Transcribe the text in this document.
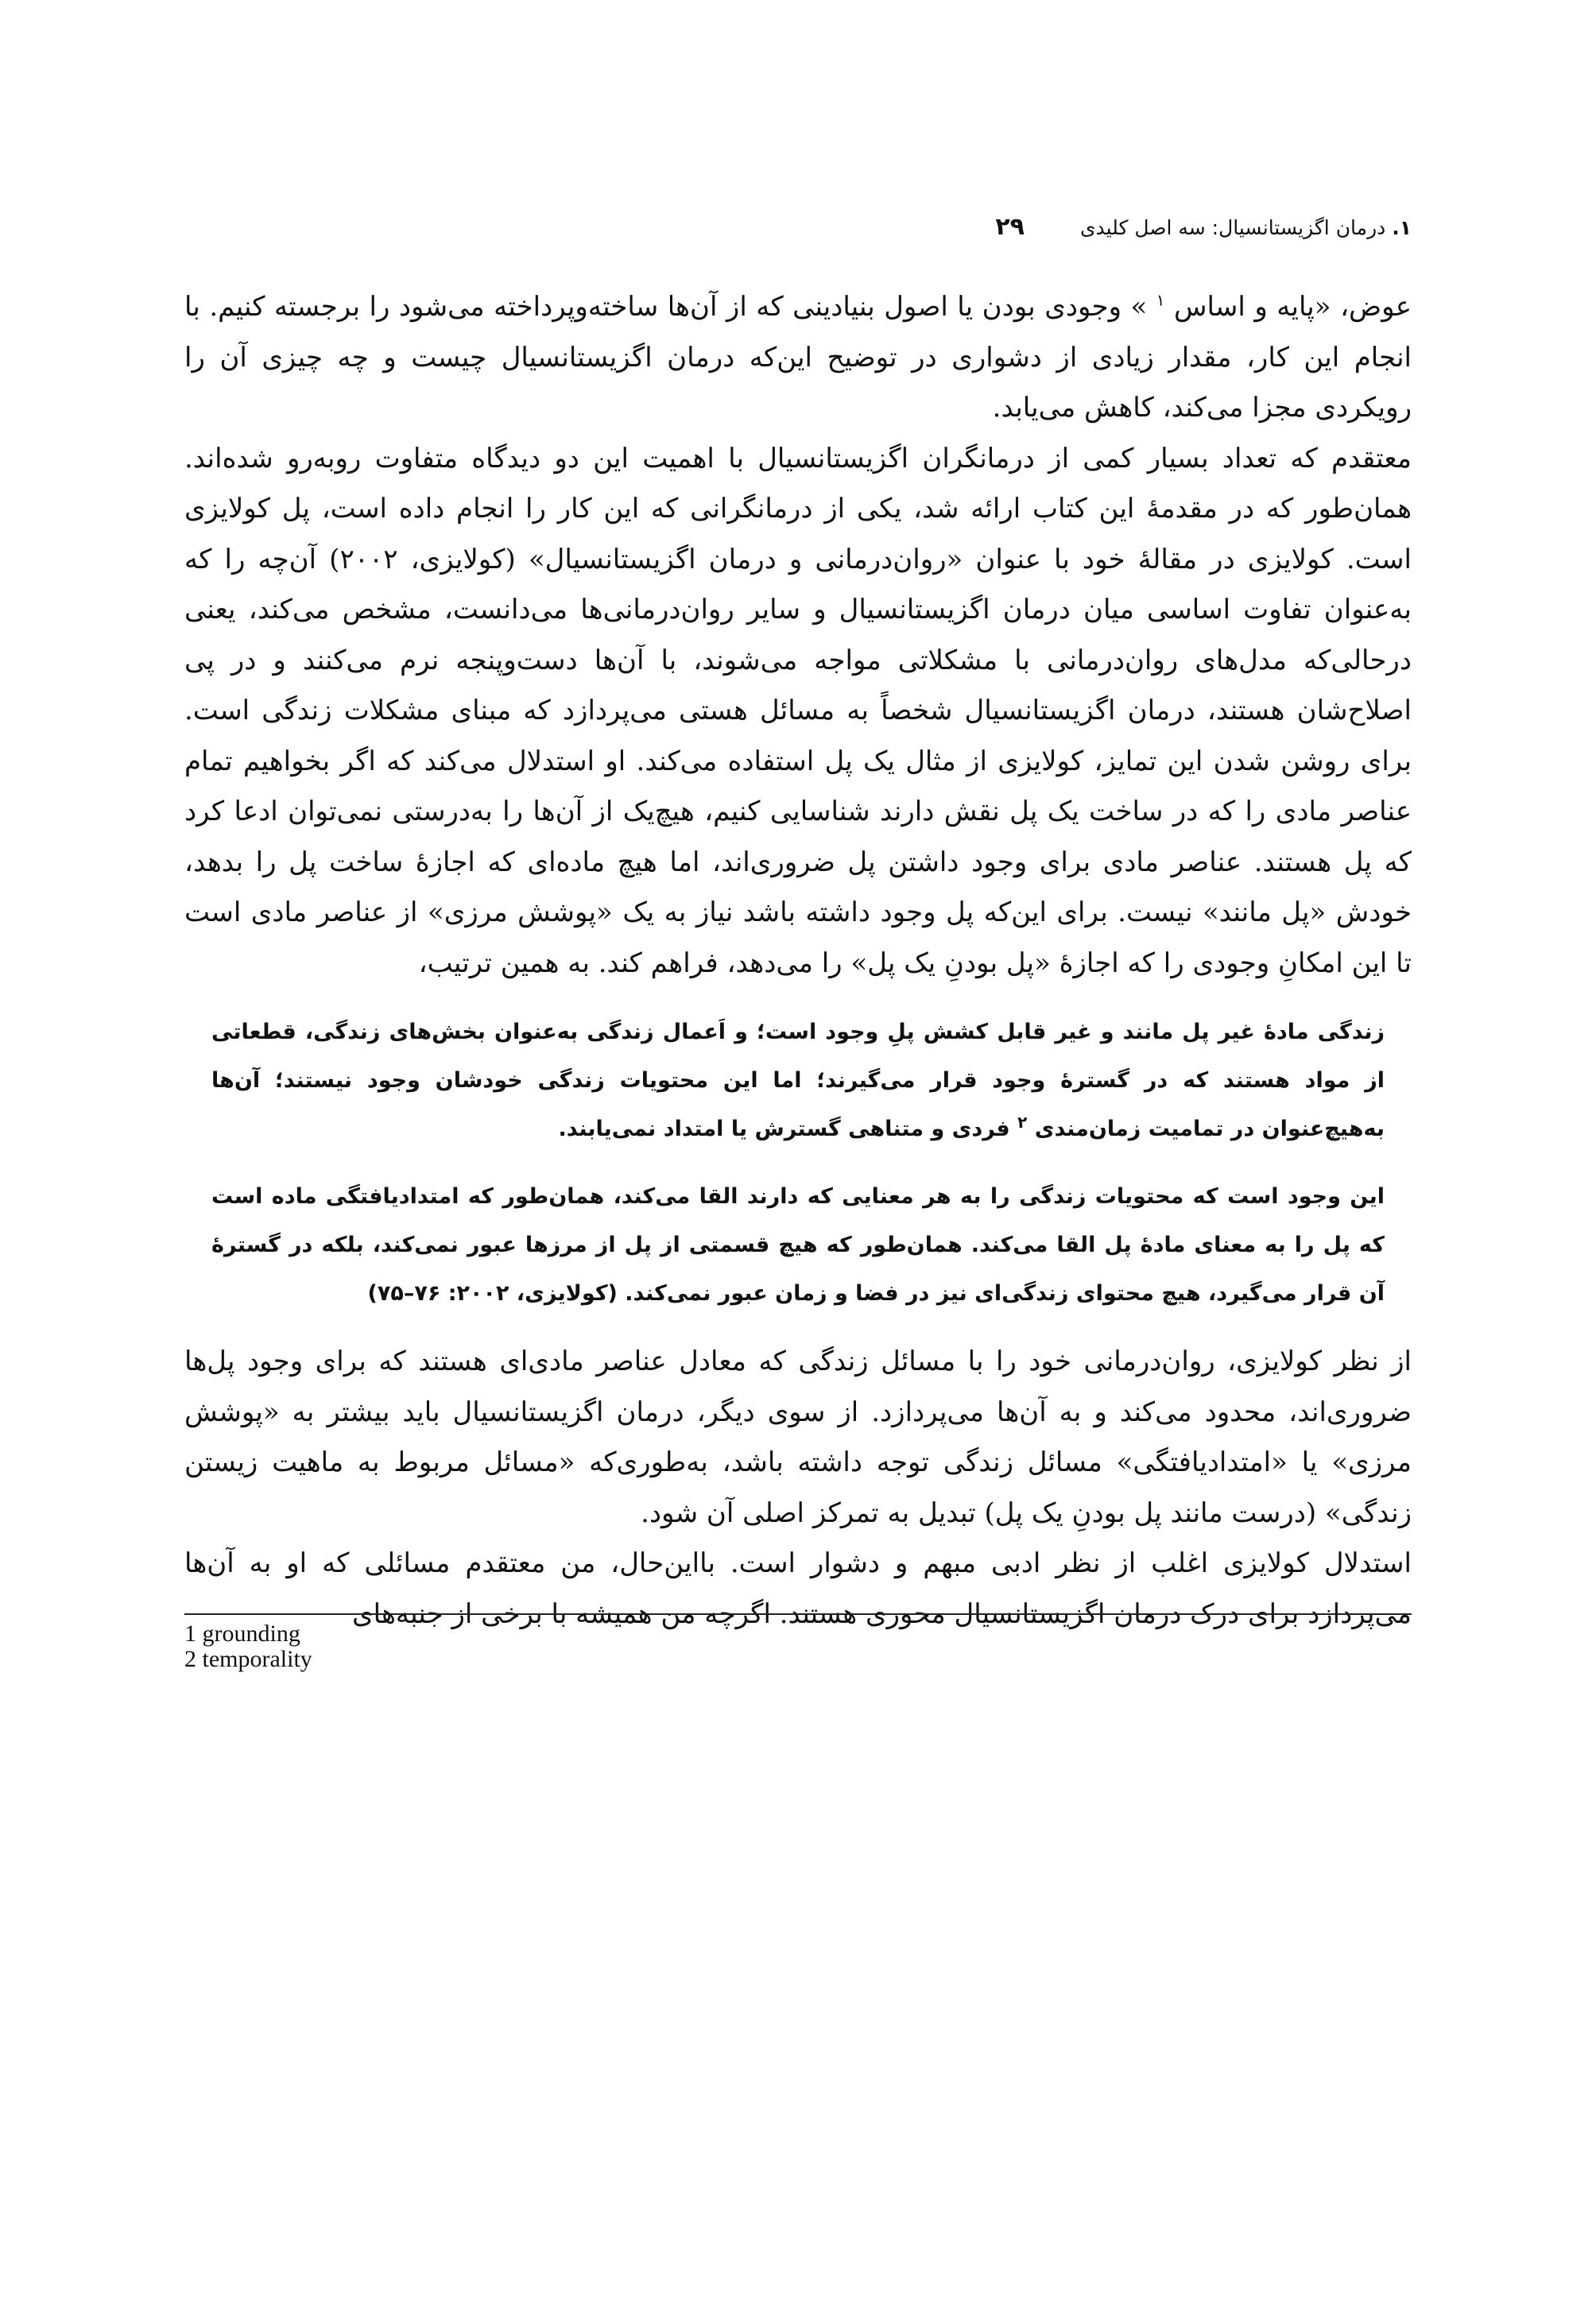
۱. درمان اگزیستانسیال: سه اصل کلیدی
۲۹

عوض، «پایه و اساس $^۱$ » وجودی بودن یا اصول بنیادینی که از آن‌ها ساخته‌وپرداخته می‌شود را برجسته کنیم. با انجام این کار، مقدار زیادی از دشواری در توضیح این‌که درمان اگزیستانسیال چیست و چه چیزی آن را رویکردی مجزا می‌کند، کاهش می‌یابد.

معتقدم که تعداد بسیار کمی از درمانگران اگزیستانسیال با اهمیت این دو دیدگاه متفاوت روبه‌رو شده‌اند. همان‌طور که در مقدمهٔ این کتاب ارائه شد، یکی از درمانگرانی که این کار را انجام داده است، پل کولایزی است. کولایزی در مقالهٔ خود با عنوان «روان‌درمانی و درمان اگزیستانسیال» (کولایزی، ۲۰۰۲) آن‌چه را که به‌عنوان تفاوت اساسی میان درمان اگزیستانسیال و سایر روان‌درمانی‌ها می‌دانست، مشخص می‌کند، یعنی درحالی‌که مدل‌های روان‌درمانی با مشکلاتی مواجه می‌شوند، با آن‌ها دست‌وپنجه نرم می‌کنند و در پی اصلاح‌شان هستند، درمان اگزیستانسیال شخصاً به مسائل هستی می‌پردازد که مبنای مشکلات زندگی است. برای روشن شدن این تمایز، کولایزی از مثال یک پل استفاده می‌کند. او استدلال می‌کند که اگر بخواهیم تمام عناصر مادی را که در ساخت یک پل نقش دارند شناسایی کنیم، هیچ‌یک از آن‌ها را به‌درستی نمی‌توان ادعا کرد که پل هستند. عناصر مادی برای وجود داشتن پل ضروری‌اند، اما هیچ ماده‌ای که اجازهٔ ساخت پل را بدهد، خودش «پل مانند» نیست. برای این‌که پل وجود داشته باشد نیاز به یک «پوشش مرزی» از عناصر مادی است تا این امکانِ وجودی را که اجازهٔ «پل بودنِ یک پل» را می‌دهد، فراهم کند. به همین ترتیب،

زندگی مادهٔ غیر پل مانند و غیر قابل کشش پلِ وجود است؛ و اَعمال زندگی به‌عنوان بخش‌های زندگی، قطعاتی از مواد هستند که در گسترهٔ وجود قرار می‌گیرند؛ اما این محتویات زندگی خودشان وجود نیستند؛ آن‌ها به‌هیچ‌عنوان در تمامیت زمان‌مندی $^۲$ فردی و متناهی گسترش یا امتداد نمی‌یابند.
این وجود است که محتویات زندگی را به هر معنایی که دارند القا می‌کند، همان‌طور که امتدادیافتگی ماده است که پل را به معنای مادهٔ پل القا می‌کند. همان‌طور که هیچ قسمتی از پل از مرزها عبور نمی‌کند، بلکه در گسترهٔ آن قرار می‌گیرد، هیچ محتوای زندگی‌ای نیز در فضا و زمان عبور نمی‌کند. (کولایزی، ۲۰۰۲: ۷۶–۷۵)

از نظر کولایزی، روان‌درمانی خود را با مسائل زندگی که معادل عناصر مادی‌ای هستند که برای وجود پل‌ها ضروری‌اند، محدود می‌کند و به آن‌ها می‌پردازد. از سوی دیگر، درمان اگزیستانسیال باید بیشتر به «پوشش مرزی» یا «امتدادیافتگی» مسائل زندگی توجه داشته باشد، به‌طوری‌که «مسائل مربوط به ماهیت زیستن زندگی» (درست مانند پل بودنِ یک پل) تبدیل به تمرکز اصلی آن شود.

استدلال کولایزی اغلب از نظر ادبی مبهم و دشوار است. بااین‌حال، من معتقدم مسائلی که او به آن‌ها می‌پردازد برای درک درمان اگزیستانسیال محوری هستند. اگرچه من همیشه با برخی از جنبه‌های

1 grounding
2 temporality
